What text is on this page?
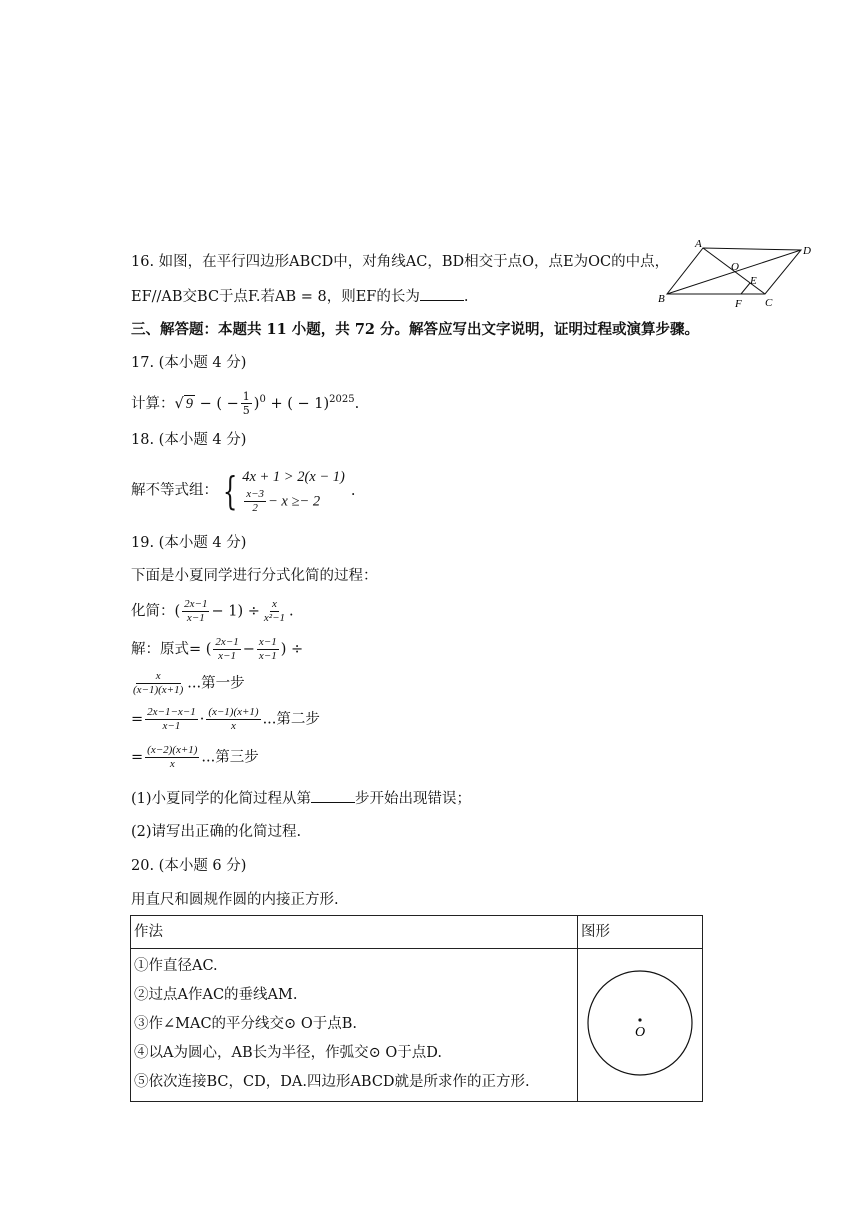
16. 如图，在平行四边形ABCD中，对角线AC，BD相交于点O，点E为OC的中点，
EF//AB交BC于点F.若AB = 8，则EF的长为	.
A
D
O
E
B	F C
三、解答题：本题共 11 小题，共 72 分。解答应写出文字说明，证明过程或演算步骤。
17. (本小题 4 分)
计算：√ 9 − ( − $\frac{1}{5} )^0$ + ( − 1)$^{2025}$.
18. (本小题 4 分)
解不等式组： { 4x + 1 > 2(x − 1)
$\frac{x-3}{2} - x \ge- 2$
.
19. (本小题 4 分)
下面是小夏同学进行分式化简的过程：
化简：( $\frac{2x-1}{x-1} - 1) \div \frac{x}{\text{x²−1}}$ .
解：原式= ( $\frac{2x-1}{x-1} - \frac{x-1}{x-1}$ ) ÷
$\frac{x}{(x-1)(x+1)}$ ...第一步
= $\frac{2x-1-x-1}{x-1} \cdot \frac{(x-1)(x+1)}{x}$ ...第二步
= $\frac{(x-2)(x+1)}{x}$ ...第三步
(1)小夏同学的化简过程从第	步开始出现错误；
(2)请写出正确的化简过程.
20. (本小题 6 分)
用直尺和圆规作圆的内接正方形.
作法	图形

①作直径AC.
②过点A作AC的垂线AM.
③作∠MAC的平分线交⊙ O于点B.
④以A为圆心，AB长为半径，作弧交⊙ O于点D.
⑤依次连接BC，CD，DA.四边形ABCD就是所求作的正方形.	O
